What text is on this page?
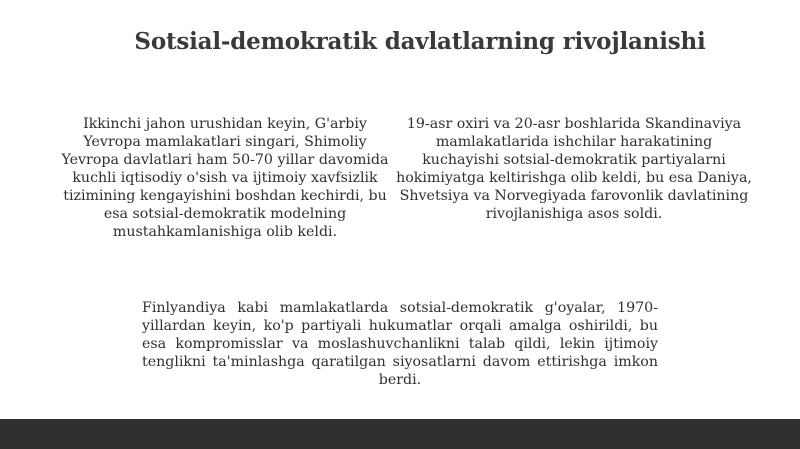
Sotsial-demokratik davlatlarning rivojlanishi

Ikkinchi jahon urushidan keyin, G'arbiy Yevropa mamlakatlari singari, Shimoliy Yevropa davlatlari ham 50-70 yillar davomida kuchli iqtisodiy o'sish va ijtimoiy xavfsizlik tizimining kengayishini boshdan kechirdi, bu esa sotsial-demokratik modelning mustahkamlanishiga olib keldi.

19-asr oxiri va 20-asr boshlarida Skandinaviya mamlakatlarida ishchilar harakatining kuchayishi sotsial-demokratik partiyalarni hokimiyatga keltirishga olib keldi, bu esa Daniya, Shvetsiya va Norvegiyada farovonlik davlatining rivojlanishiga asos soldi.

Finlyandiya kabi mamlakatlarda sotsial-demokratik g'oyalar, 1970-yillardan keyin, ko'p partiyali hukumatlar orqali amalga oshirildi, bu esa kompromisslar va moslashuvchanlikni talab qildi, lekin ijtimoiy tenglikni ta'minlashga qaratilgan siyosatlarni davom ettirishga imkon berdi.
